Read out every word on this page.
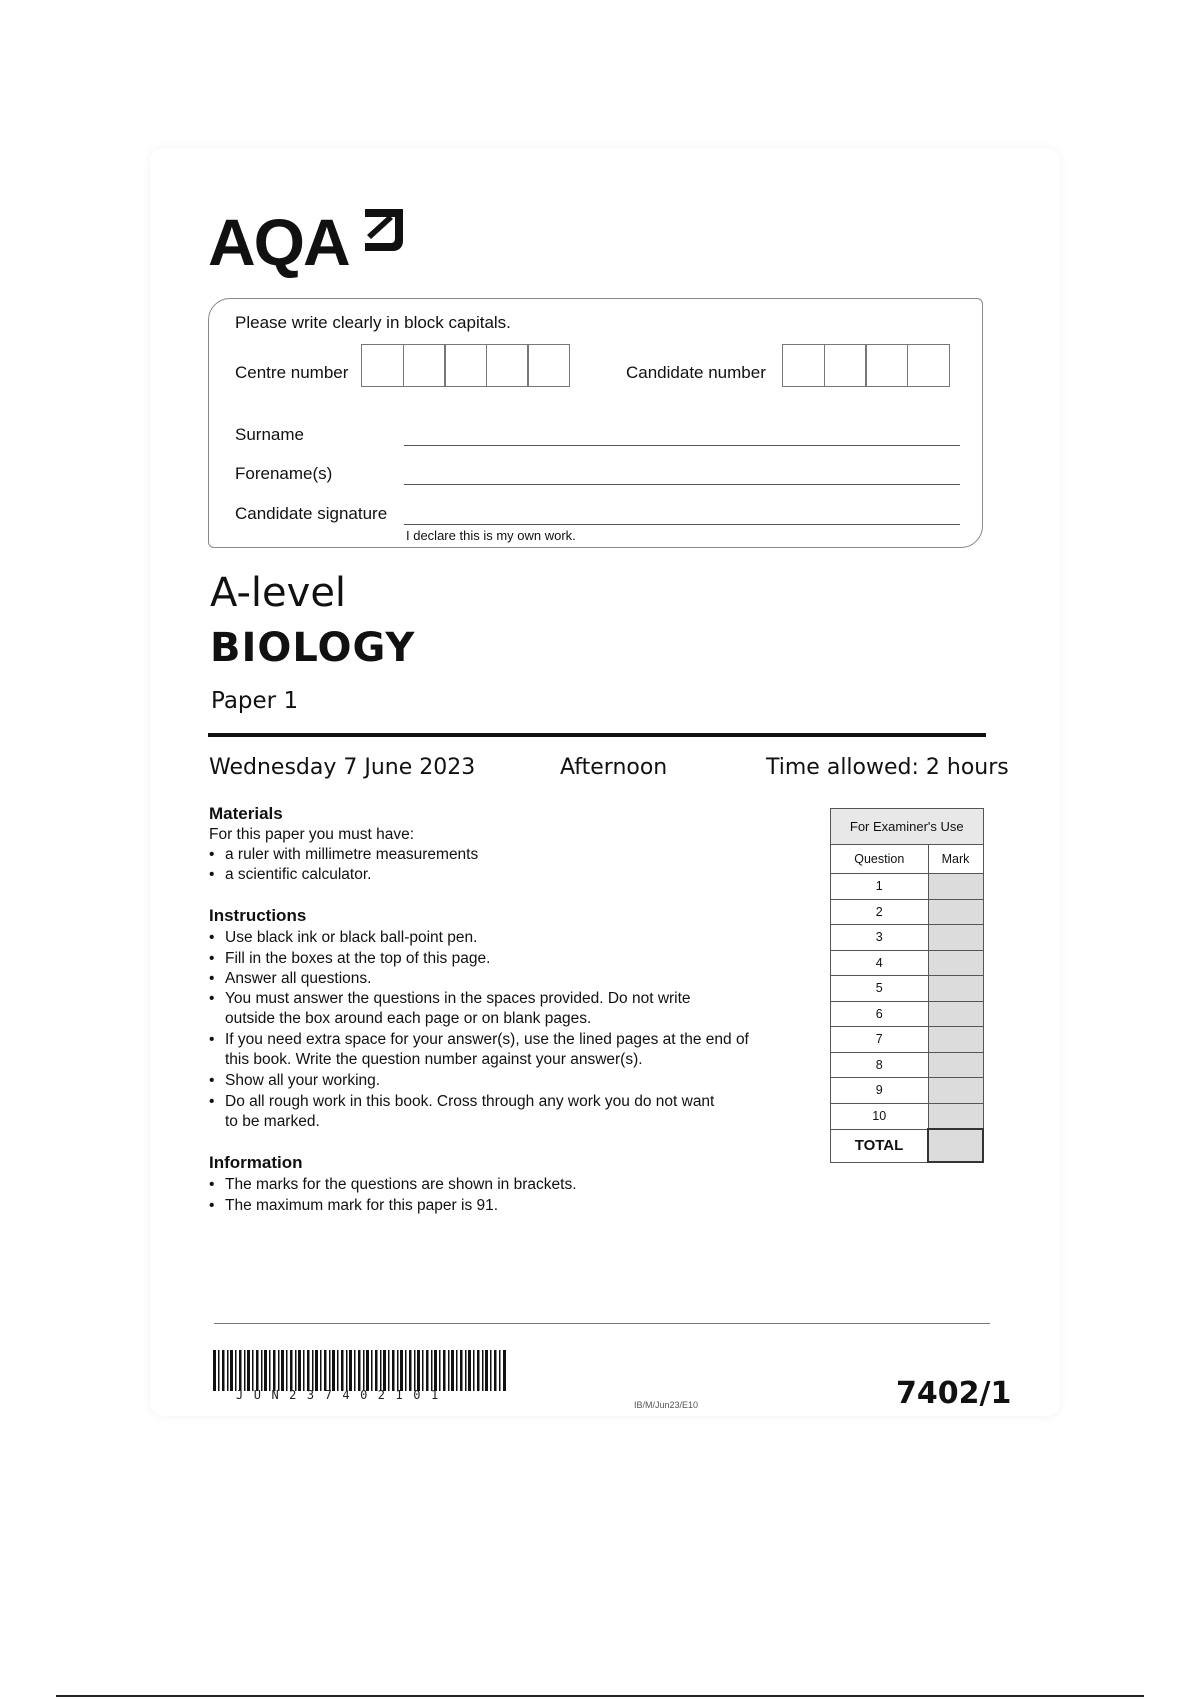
AQA
Please write clearly in block capitals.
Centre number	Candidate number
Surname
Forename(s)
Candidate signature
I declare this is my own work.
A-level
BIOLOGY
Paper 1
Wednesday 7 June 2023	Afternoon	Time allowed: 2 hours
Materials
For this paper you must have:
a ruler with millimetre measurements
a scientific calculator.
Instructions
Use black ink or black ball-point pen.
Fill in the boxes at the top of this page.
Answer all questions.
You must answer the questions in the spaces provided. Do not write
outside the box around each page or on blank pages.
If you need extra space for your answer(s), use the lined pages at the end of
this book. Write the question number against your answer(s).
Show all your working.
Do all rough work in this book. Cross through any work you do not want
to be marked.
Information
The marks for the questions are shown in brackets.
The maximum mark for this paper is 91.
For Examiner's Use	
Question	Mark
1	
2	
3	
4	
5	
6	
7	
8	
9	
10	
TOTAL	
JUN237402101
IB/M/Jun23/E10	7402/1
